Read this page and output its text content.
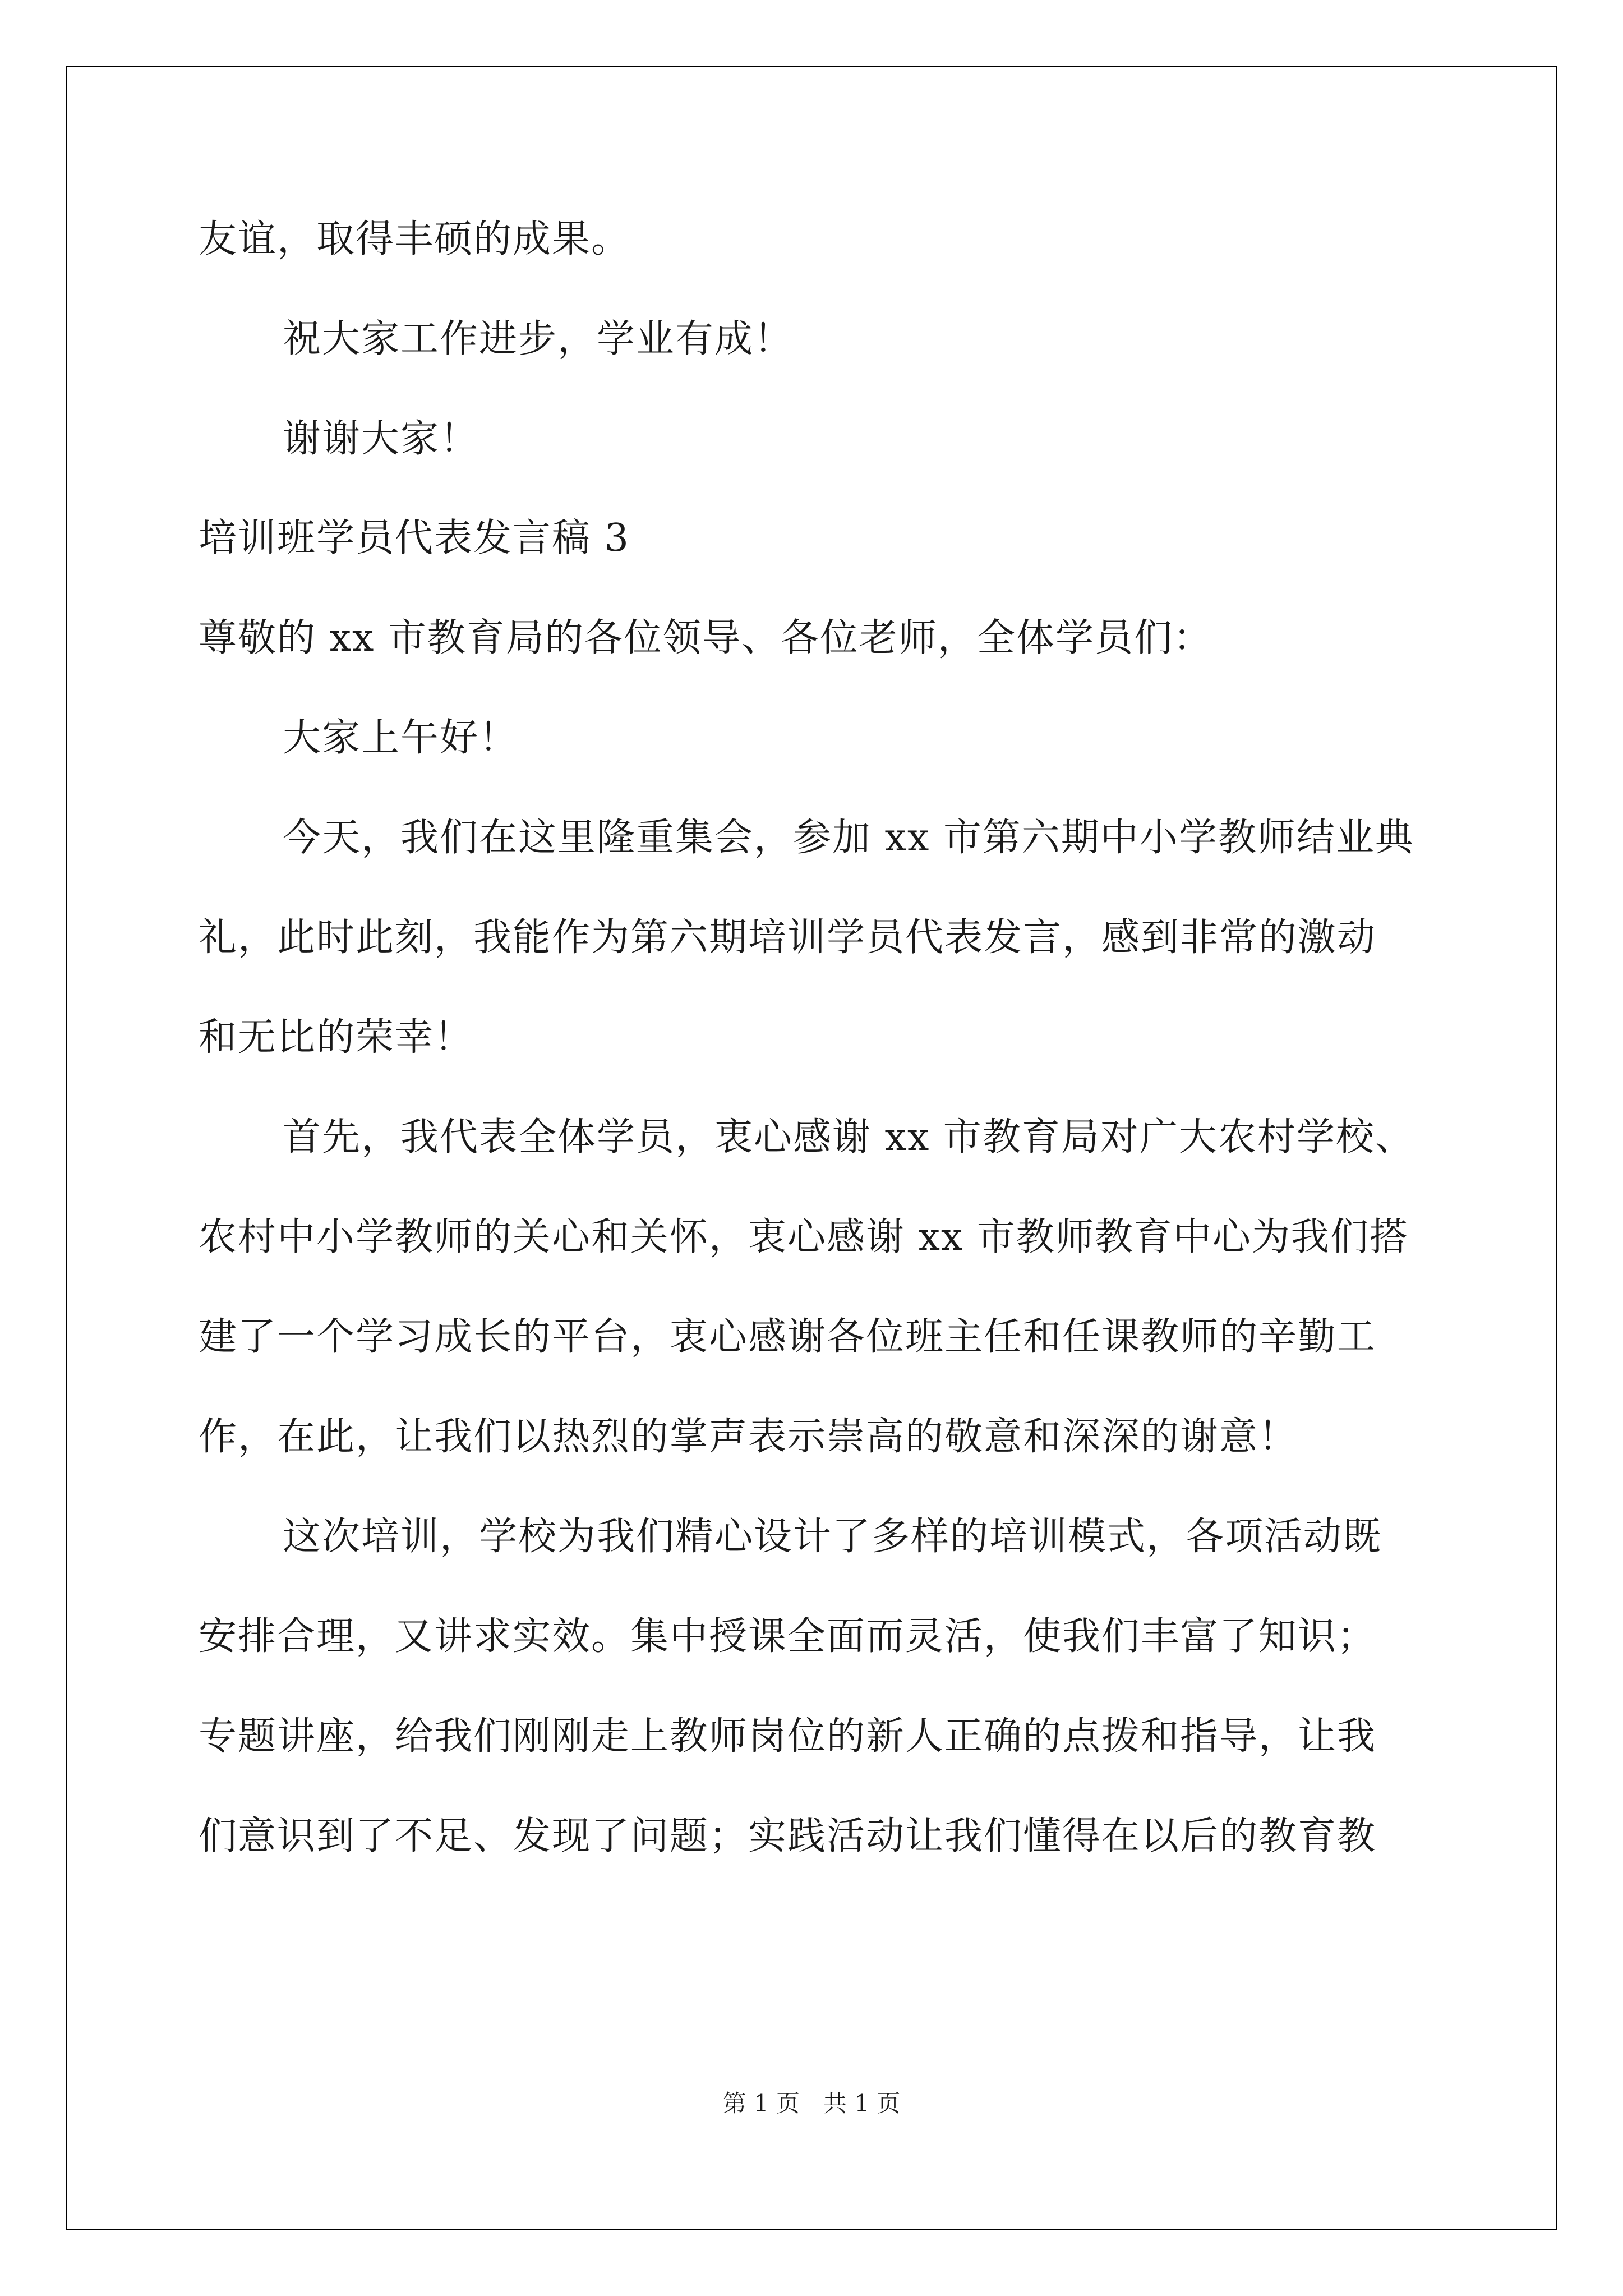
友谊，取得丰硕的成果。
祝大家工作进步，学业有成！
谢谢大家！
培训班学员代表发言稿 3
尊敬的 xx 市教育局的各位领导、各位老师，全体学员们：
大家上午好！
今天，我们在这里隆重集会，参加 xx 市第六期中小学教师结业典
礼，此时此刻，我能作为第六期培训学员代表发言，感到非常的激动
和无比的荣幸！
首先，我代表全体学员，衷心感谢 xx 市教育局对广大农村学校、
农村中小学教师的关心和关怀，衷心感谢 xx 市教师教育中心为我们搭
建了一个学习成长的平台，衷心感谢各位班主任和任课教师的辛勤工
作，在此，让我们以热烈的掌声表示崇高的敬意和深深的谢意！
这次培训，学校为我们精心设计了多样的培训模式，各项活动既
安排合理，又讲求实效。集中授课全面而灵活，使我们丰富了知识；
专题讲座，给我们刚刚走上教师岗位的新人正确的点拨和指导，让我
们意识到了不足、发现了问题；实践活动让我们懂得在以后的教育教
第 1 页　共 1 页
